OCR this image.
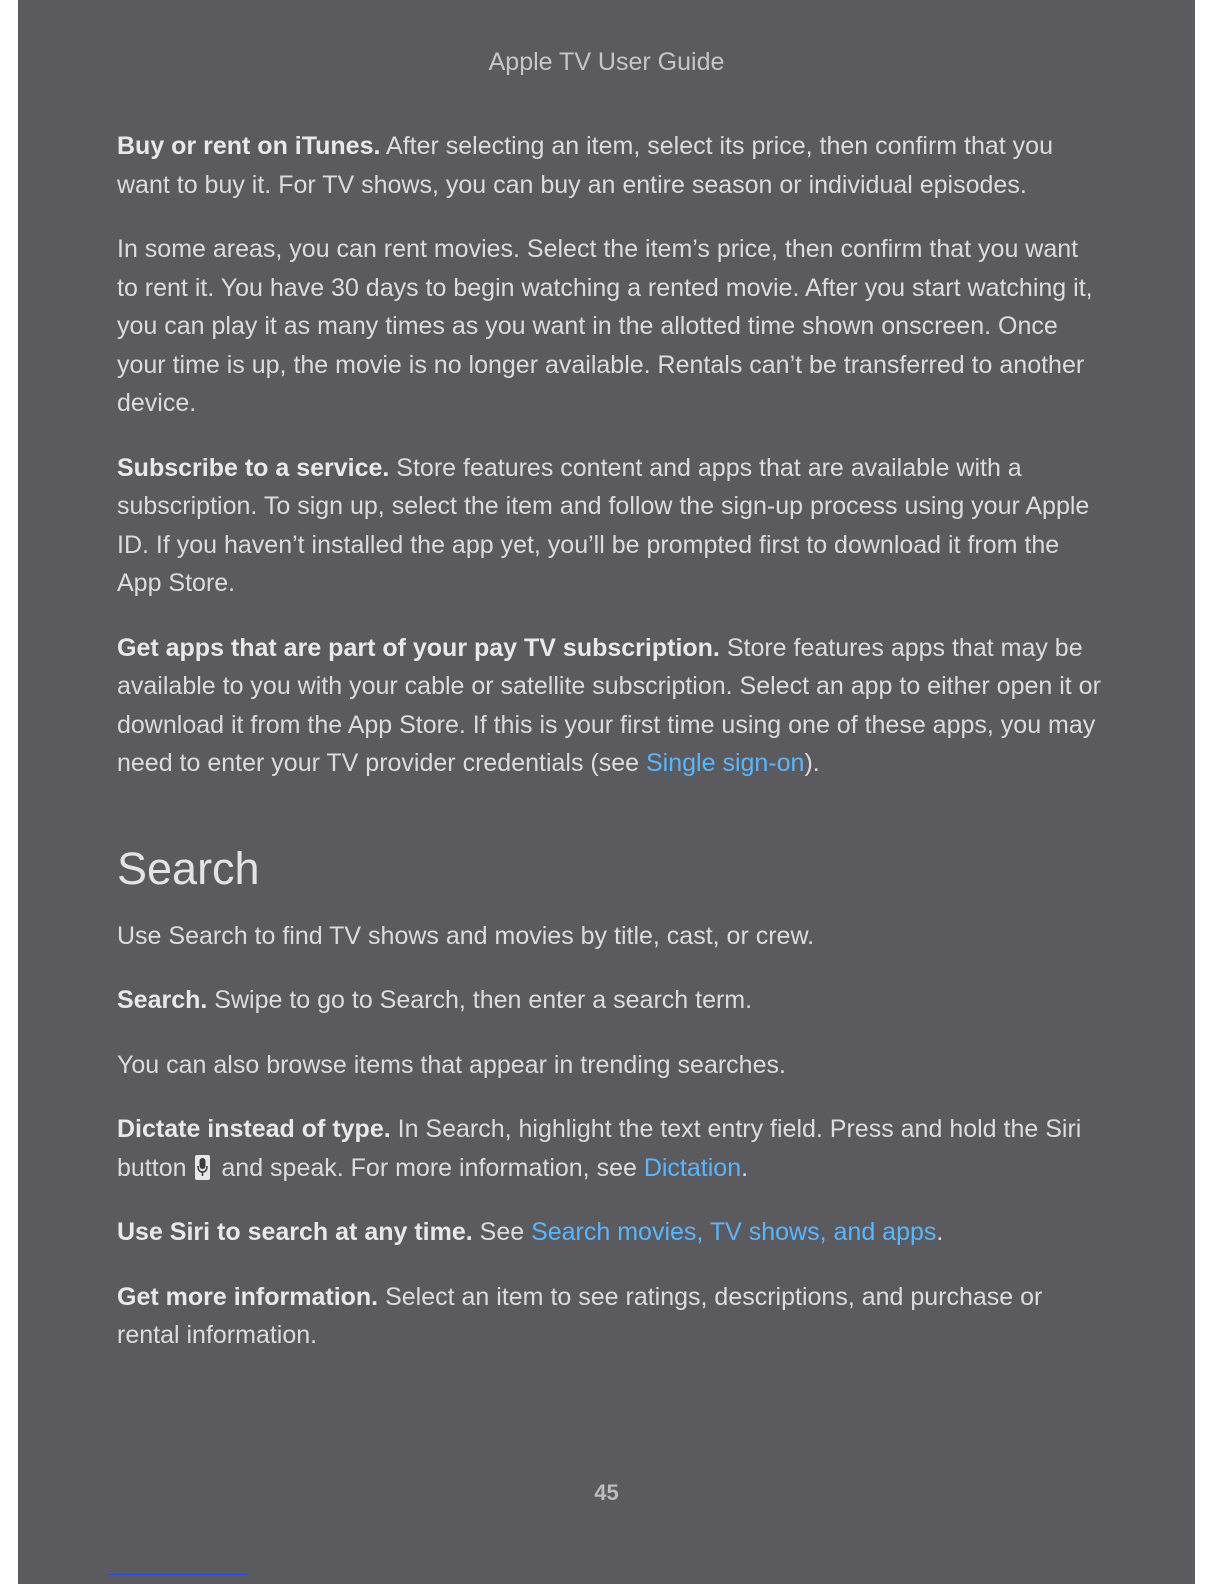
Apple TV User Guide

Buy or rent on iTunes. After selecting an item, select its price, then confirm that you want to buy it. For TV shows, you can buy an entire season or individual episodes.

In some areas, you can rent movies. Select the item’s price, then confirm that you want to rent it. You have 30 days to begin watching a rented movie. After you start watching it, you can play it as many times as you want in the allotted time shown onscreen. Once your time is up, the movie is no longer available. Rentals can’t be transferred to another device.

Subscribe to a service. Store features content and apps that are available with a subscription. To sign up, select the item and follow the sign-up process using your Apple ID. If you haven’t installed the app yet, you’ll be prompted first to download it from the App Store.

Get apps that are part of your pay TV subscription. Store features apps that may be available to you with your cable or satellite subscription. Select an app to either open it or download it from the App Store. If this is your first time using one of these apps, you may need to enter your TV provider credentials (see Single sign-on).

Search

Use Search to find TV shows and movies by title, cast, or crew.

Search. Swipe to go to Search, then enter a search term.

You can also browse items that appear in trending searches.

Dictate instead of type. In Search, highlight the text entry field. Press and hold the Siri button
and speak. For more information, see Dictation.

Use Siri to search at any time. See Search movies, TV shows, and apps.

Get more information. Select an item to see ratings, descriptions, and purchase or rental information.

45
